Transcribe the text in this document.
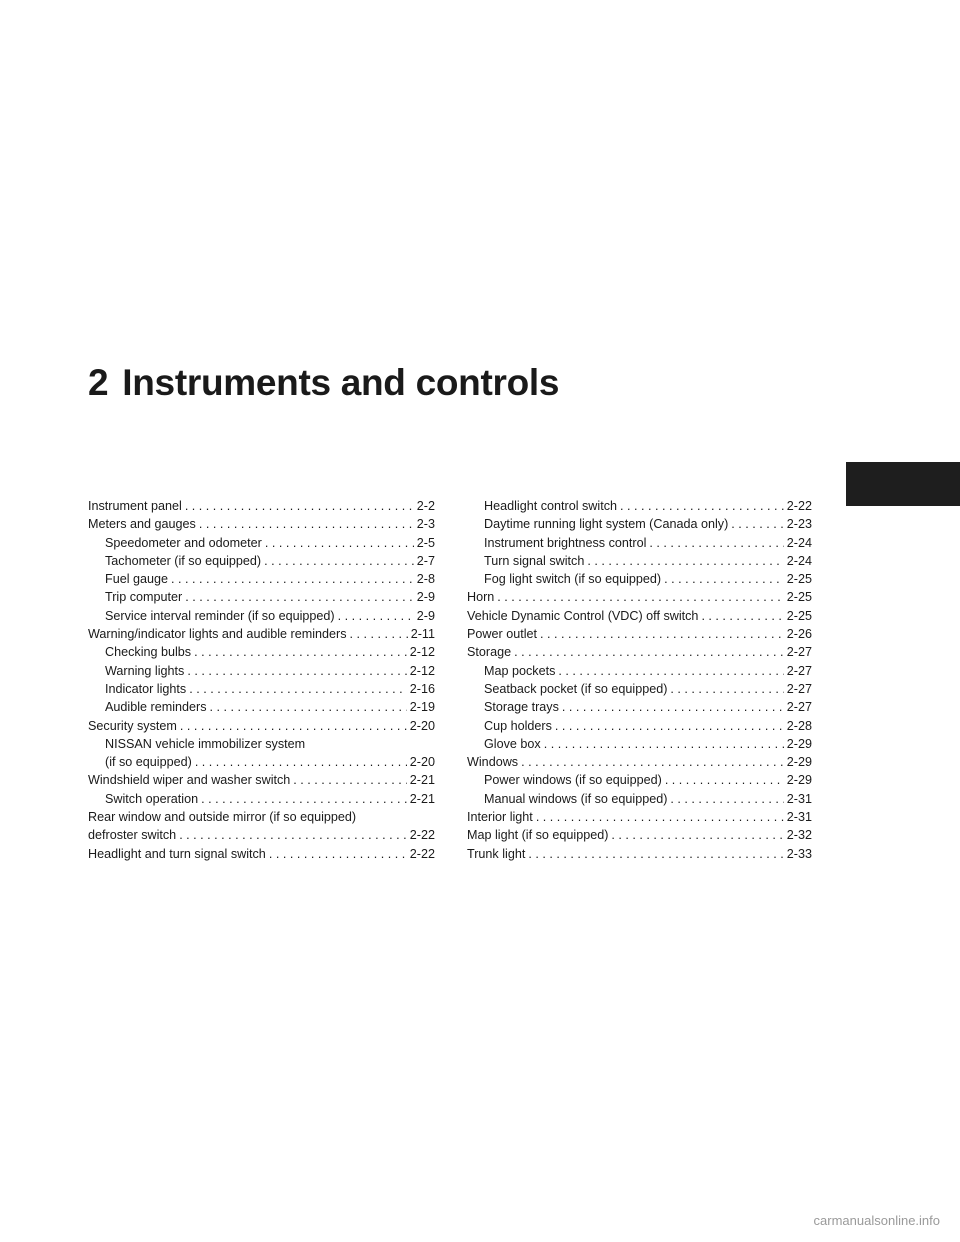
2 Instruments and controls
Instrument panel . . .	2-2
Meters and gauges . . .	2-3
Speedometer and odometer . . .	2-5
Tachometer (if so equipped) . . .	2-7
Fuel gauge . . .	2-8
Trip computer . . .	2-9
Service interval reminder (if so equipped) . . .	2-9
Warning/indicator lights and audible reminders . . .	2-11
Checking bulbs . . .	2-12
Warning lights . . .	2-12
Indicator lights . . .	2-16
Audible reminders . . .	2-19
Security system . . .	2-20
NISSAN vehicle immobilizer system
(if so equipped) . . .	2-20
Windshield wiper and washer switch . . .	2-21
Switch operation . . .	2-21
Rear window and outside mirror (if so equipped)
defroster switch . . .	2-22
Headlight and turn signal switch . . .	2-22
Headlight control switch . . .	2-22
Daytime running light system (Canada only) . . .	2-23
Instrument brightness control . . .	2-24
Turn signal switch . . .	2-24
Fog light switch (if so equipped) . . .	2-25
Horn . . .	2-25
Vehicle Dynamic Control (VDC) off switch . . .	2-25
Power outlet . . .	2-26
Storage . . .	2-27
Map pockets . . .	2-27
Seatback pocket (if so equipped) . . .	2-27
Storage trays . . .	2-27
Cup holders . . .	2-28
Glove box . . .	2-29
Windows . . .	2-29
Power windows (if so equipped) . . .	2-29
Manual windows (if so equipped) . . .	2-31
Interior light . . .	2-31
Map light (if so equipped) . . .	2-32
Trunk light . . .	2-33
carmanualsonline.info
